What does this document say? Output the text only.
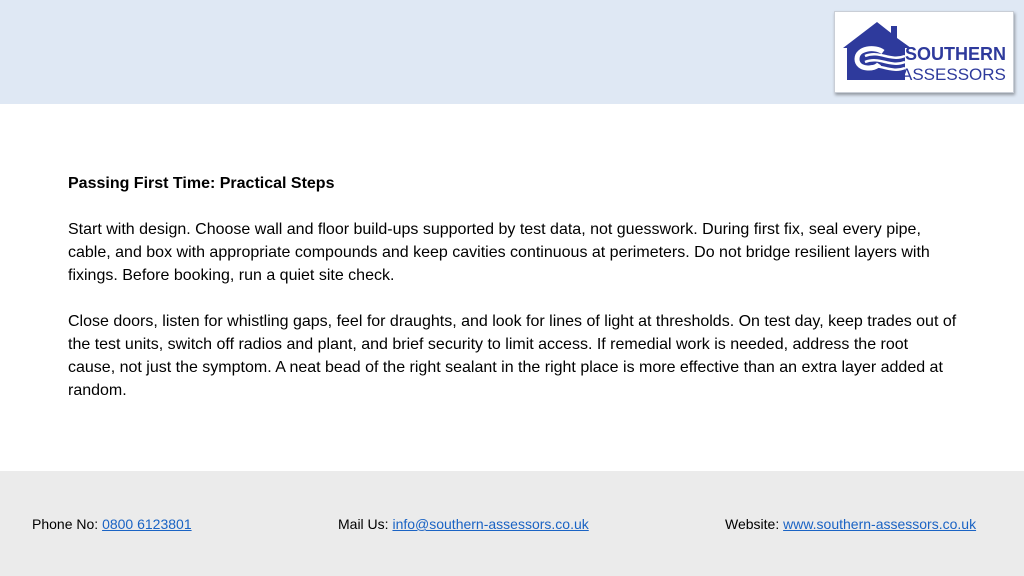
SOUTHERN
ASSESSORS
Passing First Time: Practical Steps

Start with design. Choose wall and floor build-ups supported by test data, not guesswork. During first fix, seal every pipe, cable, and box with appropriate compounds and keep cavities continuous at perimeters. Do not bridge resilient layers with fixings. Before booking, run a quiet site check.

Close doors, listen for whistling gaps, feel for draughts, and look for lines of light at thresholds. On test day, keep trades out of the test units, switch off radios and plant, and brief security to limit access. If remedial work is needed, address the root cause, not just the symptom. A neat bead of the right sealant in the right place is more effective than an extra layer added at random.

Phone No: 0800 6123801	Mail Us: info@southern-assessors.co.uk	Website: www.southern-assessors.co.uk
